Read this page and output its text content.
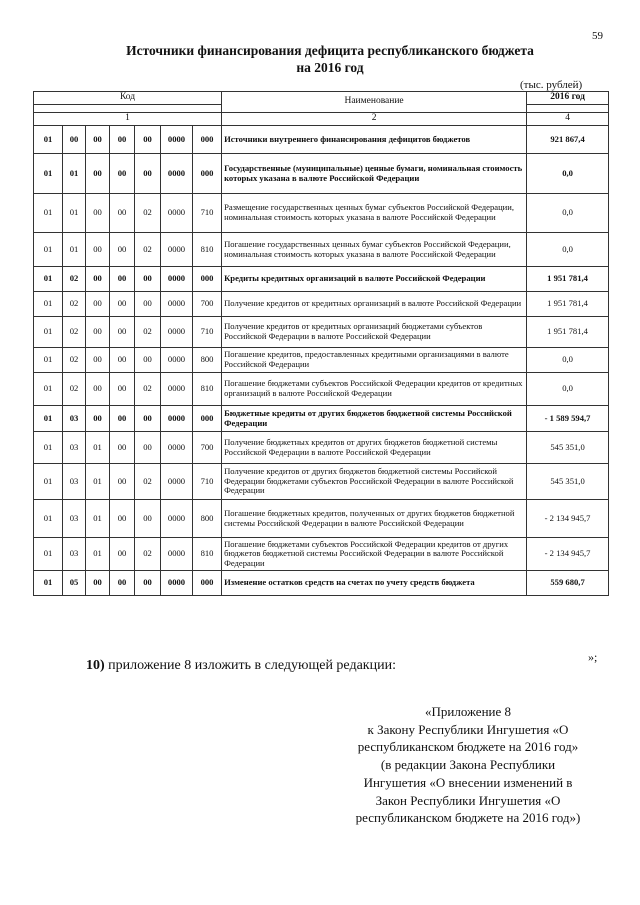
59
Источники финансирования дефицита республиканского бюджета
на 2016 год
(тыс. рублей)
Код							Наименование	2016 год

1							2	4
01	00	00	00	00	0000	000	Источники внутреннего финансирования дефицитов бюджетов	921 867,4
01	01	00	00	00	0000	000	Государственные (муниципальные) ценные бумаги, номинальная стоимость которых указана в валюте Российской Федерации	0,0
01	01	00	00	02	0000	710	Размещение государственных ценных бумаг субъектов Российской Федерации, номинальная стоимость которых указана в валюте Российской Федерации	0,0
01	01	00	00	02	0000	810	Погашение государственных ценных бумаг субъектов Российской Федерации, номинальная стоимость которых указана в валюте Российской Федерации	0,0
01	02	00	00	00	0000	000	Кредиты кредитных организаций в валюте Российской Федерации	1 951 781,4
01	02	00	00	00	0000	700	Получение кредитов от кредитных организаций в валюте Российской Федерации	1 951 781,4
01	02	00	00	02	0000	710	Получение кредитов от кредитных организаций бюджетами субъектов Российской Федерации в валюте Российской Федерации	1 951 781,4
01	02	00	00	00	0000	800	Погашение кредитов, предоставленных кредитными организациями в валюте Российской Федерации	0,0
01	02	00	00	02	0000	810	Погашение бюджетами субъектов Российской Федерации кредитов от кредитных организаций в валюте Российской Федерации	0,0
01	03	00	00	00	0000	000	Бюджетные кредиты от других бюджетов бюджетной системы Российской Федерации	- 1 589 594,7
01	03	01	00	00	0000	700	Получение бюджетных кредитов от других бюджетов бюджетной системы Российской Федерации в валюте Российской Федерации	545 351,0
01	03	01	00	02	0000	710	Получение кредитов от других бюджетов бюджетной системы Российской Федерации бюджетами субъектов Российской Федерации в валюте Российской Федерации	545 351,0
01	03	01	00	00	0000	800	Погашение бюджетных кредитов, полученных от других бюджетов бюджетной системы Российской Федерации в валюте Российской Федерации	- 2 134 945,7
01	03	01	00	02	0000	810	Погашение бюджетами субъектов Российской Федерации кредитов от других бюджетов бюджетной системы Российской Федерации в валюте Российской Федерации	- 2 134 945,7
01	05	00	00	00	0000	000	Изменение остатков средств на счетах по учету средств бюджета	559 680,7
»;
10) приложение 8 изложить в следующей редакции:
«Приложение 8
к Закону Республики Ингушетия «О
республиканском бюджете на 2016 год»
(в редакции Закона Республики
Ингушетия «О внесении изменений в
Закон Республики Ингушетия «О
республиканском бюджете на 2016 год»)
